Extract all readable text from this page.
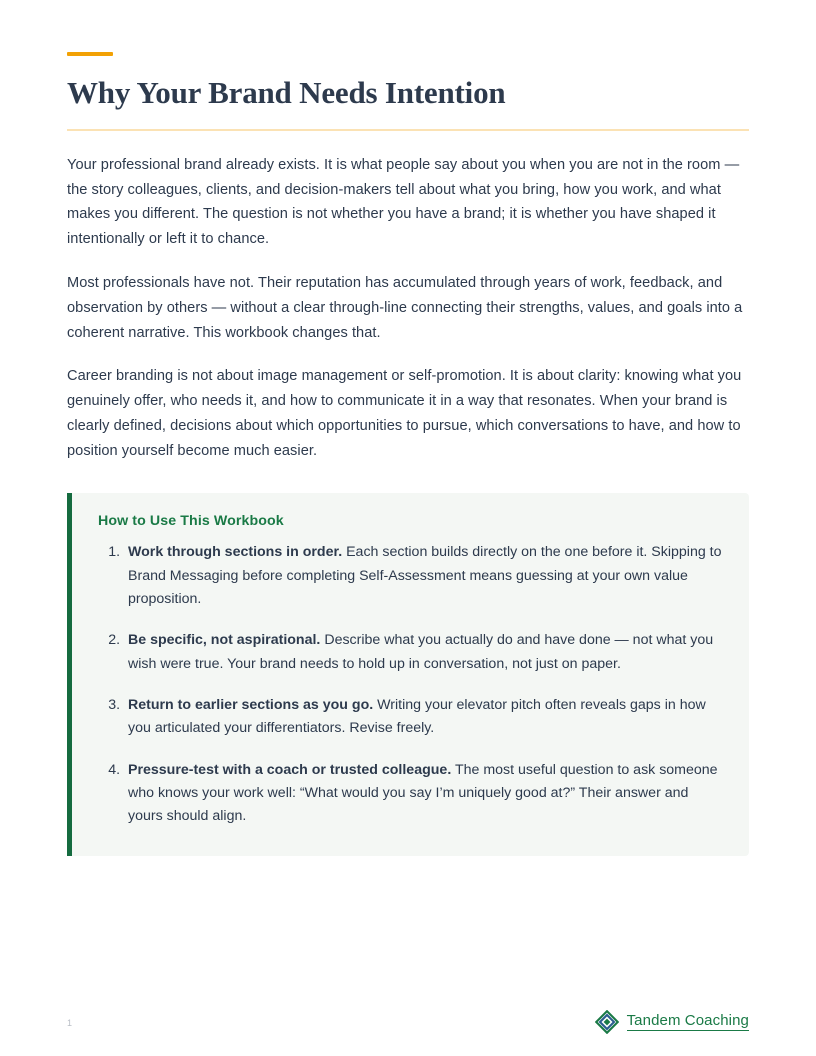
Why Your Brand Needs Intention

Your professional brand already exists. It is what people say about you when you are not in the room — the story colleagues, clients, and decision-makers tell about what you bring, how you work, and what makes you different. The question is not whether you have a brand; it is whether you have shaped it intentionally or left it to chance.

Most professionals have not. Their reputation has accumulated through years of work, feedback, and observation by others — without a clear through-line connecting their strengths, values, and goals into a coherent narrative. This workbook changes that.

Career branding is not about image management or self-promotion. It is about clarity: knowing what you genuinely offer, who needs it, and how to communicate it in a way that resonates. When your brand is clearly defined, decisions about which opportunities to pursue, which conversations to have, and how to position yourself become much easier.

How to Use This Workbook
1. Work through sections in order. Each section builds directly on the one before it. Skipping to Brand Messaging before completing Self-Assessment means guessing at your own value proposition.
2. Be specific, not aspirational. Describe what you actually do and have done — not what you wish were true. Your brand needs to hold up in conversation, not just on paper.
3. Return to earlier sections as you go. Writing your elevator pitch often reveals gaps in how you articulated your differentiators. Revise freely.
4. Pressure-test with a coach or trusted colleague. The most useful question to ask someone who knows your work well: “What would you say I’m uniquely good at?” Their answer and yours should align.
1	Tandem Coaching
